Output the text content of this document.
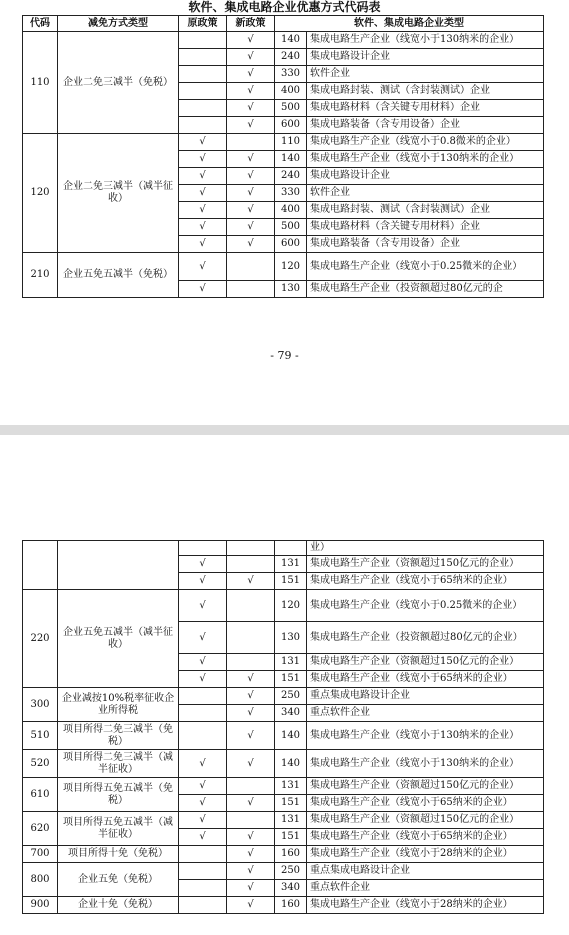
软件、集成电路企业优惠方式代码表
代码	减免方式类型	原政策	新政策	软件、集成电路企业类型	
110	企业二免三减半（免税）		√	140	集成电路生产企业（线宽小于130纳米的企业）
			√	240	集成电路设计企业
			√	330	软件企业
			√	400	集成电路封装、测试（含封装测试）企业
			√	500	集成电路材料（含关键专用材料）企业
			√	600	集成电路装备（含专用设备）企业
120	企业二免三减半（减半征收）	√		110	集成电路生产企业（线宽小于0.8微米的企业）
		√	√	140	集成电路生产企业（线宽小于130纳米的企业）
		√	√	240	集成电路设计企业
		√	√	330	软件企业
		√	√	400	集成电路封装、测试（含封装测试）企业
		√	√	500	集成电路材料（含关键专用材料）企业
		√	√	600	集成电路装备（含专用设备）企业
210	企业五免五减半（免税）	√		120	集成电路生产企业（线宽小于0.25微米的企业）
		√		130	集成电路生产企业（投资额超过80亿元的企
- 79 -
					业）
		√		131	集成电路生产企业（资额超过150亿元的企业）
		√	√	151	集成电路生产企业（线宽小于65纳米的企业）
220	企业五免五减半（减半征收）	√		120	集成电路生产企业（线宽小于0.25微米的企业）
		√		130	集成电路生产企业（投资额超过80亿元的企业）
		√		131	集成电路生产企业（资额超过150亿元的企业）
		√	√	151	集成电路生产企业（线宽小于65纳米的企业）
300	企业减按10%税率征收企业所得税		√	250	重点集成电路设计企业
			√	340	重点软件企业
510	项目所得二免三减半（免税）		√	140	集成电路生产企业（线宽小于130纳米的企业）
520	项目所得二免三减半（减半征收）	√	√	140	集成电路生产企业（线宽小于130纳米的企业）
610	项目所得五免五减半（免税）	√		131	集成电路生产企业（资额超过150亿元的企业）
		√	√	151	集成电路生产企业（线宽小于65纳米的企业）
620	项目所得五免五减半（减半征收）	√		131	集成电路生产企业（资额超过150亿元的企业）
		√	√	151	集成电路生产企业（线宽小于65纳米的企业）
700	项目所得十免（免税）		√	160	集成电路生产企业（线宽小于28纳米的企业）
800	企业五免（免税）		√	250	重点集成电路设计企业
			√	340	重点软件企业
900	企业十免（免税）		√	160	集成电路生产企业（线宽小于28纳米的企业）
